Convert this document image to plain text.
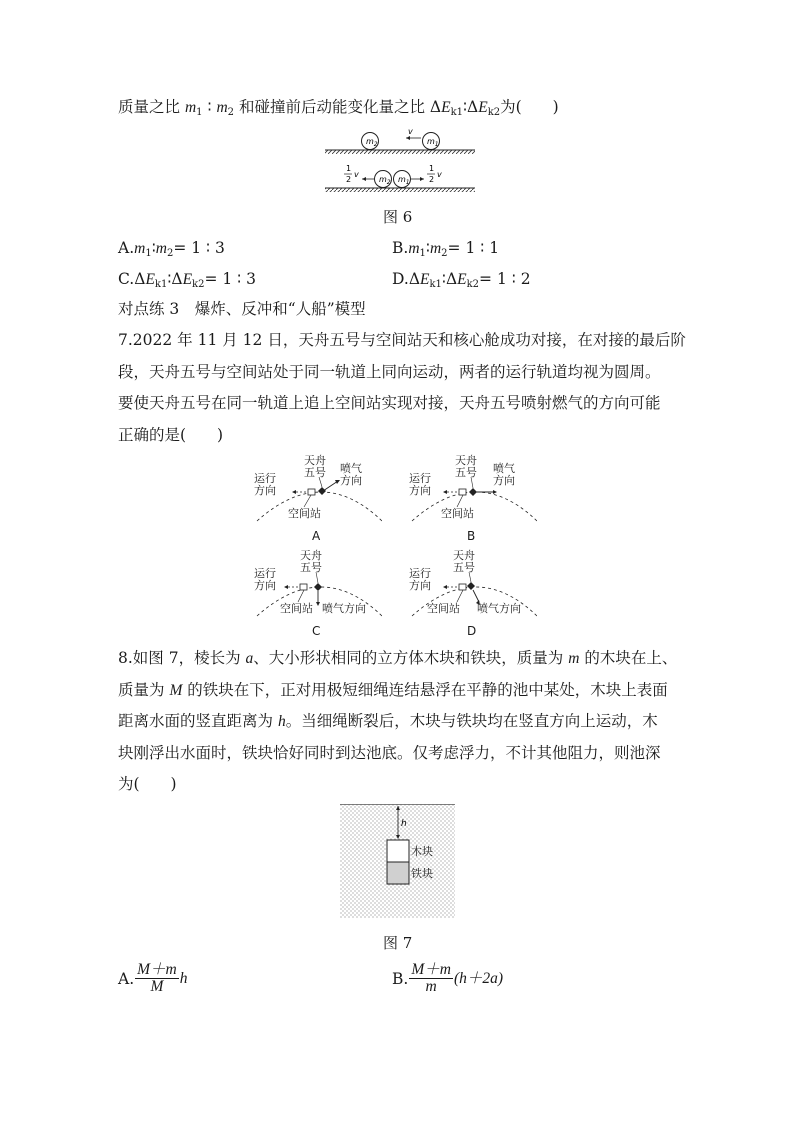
质量之比 $m_1$ ∶ $m_2$ 和碰撞前后动能变化量之比 $\Delta E_{k1}∶\Delta E_{k2}$为(　　)
$m_2$	$m_1$
v
$m_2$ $m_1$
1
2
v
1
2
v
图 6
$A.m_1∶m_2= 1$ ∶ 3	$B.m_1∶m_2= 1$ ∶ 1
$C.\Delta E_{k1}∶\Delta E_{k2}= 1$ ∶ 3	$D.\Delta E_{k1}∶\Delta E_{k2}= 1$ ∶ 2
对点练 3　爆炸、反冲和“人船”模型
7.2022 年 11 月 12 日，天舟五号与空间站天和核心舱成功对接，在对接的最后阶
段，天舟五号与空间站处于同一轨道上同向运动，两者的运行轨道均视为圆周。
要使天舟五号在同一轨道上追上空间站实现对接，天舟五号喷射燃气的方向可能
正确的是(　　)
运行
方向
天舟
五号 喷气
方向
空间站
A
运行
方向
天舟
五号 喷气
方向
空间站
B
运行
方向
天舟
五号
喷气方向
空间站
C
运行
方向
天舟
五号
喷气方向
空间站
D
8.如图 7，棱长为 a、大小形状相同的立方体木块和铁块，质量为 m 的木块在上、
质量为 M 的铁块在下，正对用极短细绳连结悬浮在平静的池中某处，木块上表面
距离水面的竖直距离为 h。当细绳断裂后，木块与铁块均在竖直方向上运动，木
块刚浮出水面时，铁块恰好同时到达池底。仅考虑浮力，不计其他阻力，则池深
为(　　)
h
木块
铁块
图 7
A. $\frac{M+m}{M}$ h	B. $\frac{M+m}{m} (h+2a)$
